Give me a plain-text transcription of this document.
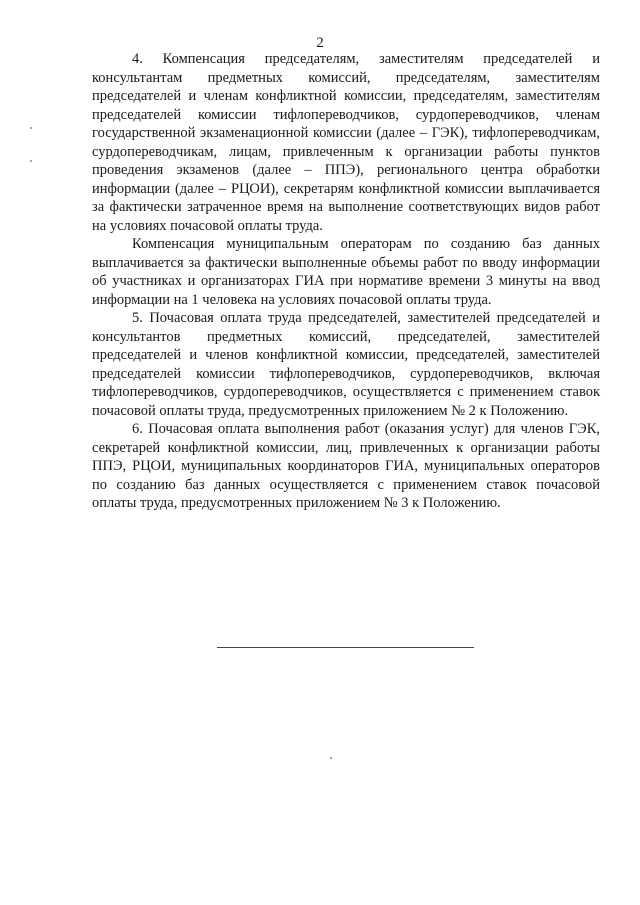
2

4. Компенсация председателям, заместителям председателей и консультантам предметных комиссий, председателям, заместителям председателей и членам конфликтной комиссии, председателям, заместителям председателей комиссии тифлопереводчиков, сурдопереводчиков, членам государственной экзаменационной комиссии (далее – ГЭК), тифлопереводчикам, сурдопереводчикам, лицам, привлеченным к организации работы пунктов проведения экзаменов (далее – ППЭ), регионального центра обработки информации (далее – РЦОИ), секретарям конфликтной комиссии выплачивается за фактически затраченное время на выполнение соответствующих видов работ на условиях почасовой оплаты труда.

Компенсация муниципальным операторам по созданию баз данных выплачивается за фактически выполненные объемы работ по вводу информации об участниках и организаторах ГИА при нормативе времени 3 минуты на ввод информации на 1 человека на условиях почасовой оплаты труда.

5. Почасовая оплата труда председателей, заместителей председателей и консультантов предметных комиссий, председателей, заместителей председателей и членов конфликтной комиссии, председателей, заместителей председателей комиссии тифлопереводчиков, сурдопереводчиков, включая тифлопереводчиков, сурдопереводчиков, осуществляется с применением ставок почасовой оплаты труда, предусмотренных приложением № 2 к Положению.

6. Почасовая оплата выполнения работ (оказания услуг) для членов ГЭК, секретарей конфликтной комиссии, лиц, привлеченных к организации работы ППЭ, РЦОИ, муниципальных координаторов ГИА, муниципальных операторов по созданию баз данных осуществляется с применением ставок почасовой оплаты труда, предусмотренных приложением № 3 к Положению.
